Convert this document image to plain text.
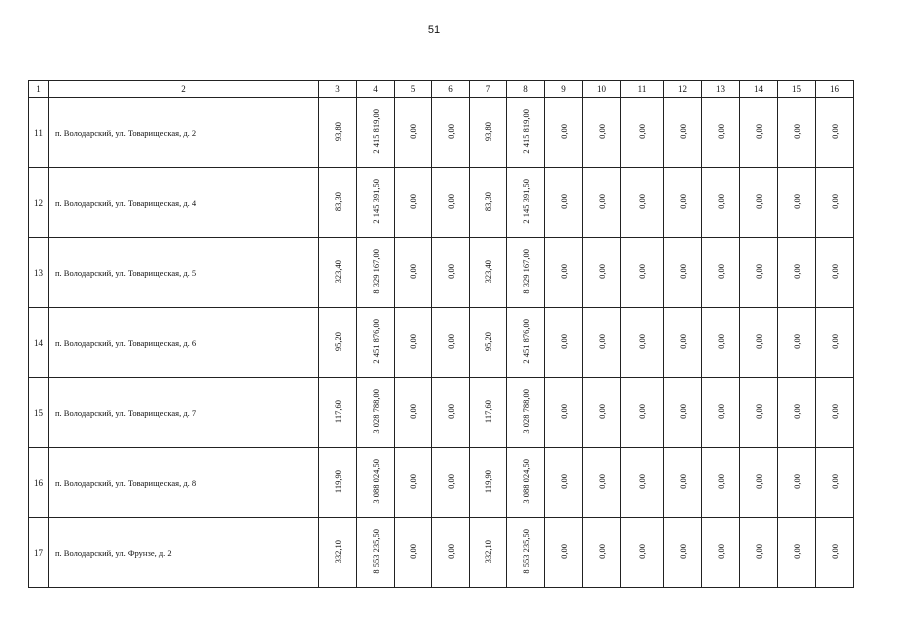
51
1	2	3	4	5	6	7	8	9	10	11	12	13	14	15	16
11	п. Володарский, ул. Товарищеская, д. 2	93,80	2 415 819,00	0,00	0,00	93,80	2 415 819,00	0,00	0,00	0,00	0,00	0,00	0,00	0,00	0,00
12	п. Володарский, ул. Товарищеская, д. 4	83,30	2 145 391,50	0,00	0,00	83,30	2 145 391,50	0,00	0,00	0,00	0,00	0,00	0,00	0,00	0,00
13	п. Володарский, ул. Товарищеская, д. 5	323,40	8 329 167,00	0,00	0,00	323,40	8 329 167,00	0,00	0,00	0,00	0,00	0,00	0,00	0,00	0,00
14	п. Володарский, ул. Товарищеская, д. 6	95,20	2 451 876,00	0,00	0,00	95,20	2 451 876,00	0,00	0,00	0,00	0,00	0,00	0,00	0,00	0,00
15	п. Володарский, ул. Товарищеская, д. 7	117,60	3 028 788,00	0,00	0,00	117,60	3 028 788,00	0,00	0,00	0,00	0,00	0,00	0,00	0,00	0,00
16	п. Володарский, ул. Товарищеская, д. 8	119,90	3 088 024,50	0,00	0,00	119,90	3 088 024,50	0,00	0,00	0,00	0,00	0,00	0,00	0,00	0,00
17	п. Володарский, ул. Фрунзе, д. 2	332,10	8 553 235,50	0,00	0,00	332,10	8 553 235,50	0,00	0,00	0,00	0,00	0,00	0,00	0,00	0,00
